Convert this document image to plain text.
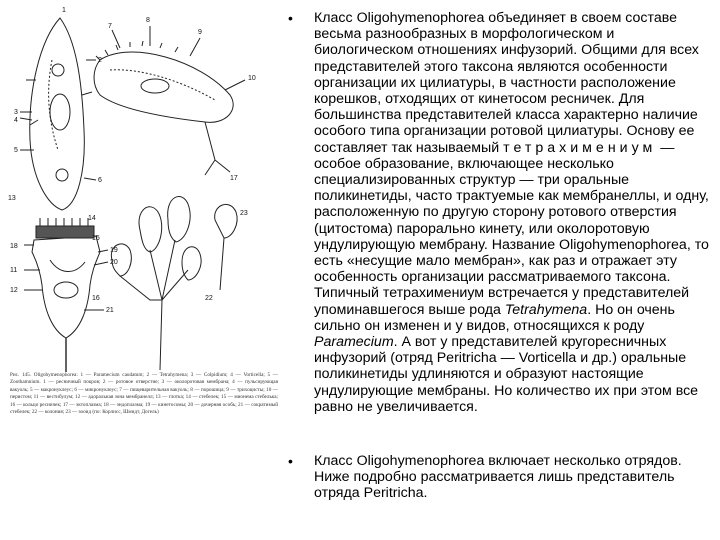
1
3
4
5
2
6
7
8
9
10
17
18
11
12
19
20
21
22
23
13
14
15
16
Рис. 145. Oligohymenophorea: 1 — Paramecium caudatum; 2 — Tetrahymena; 3 — Colpidium; 4 — Vorticella; 5 — Zoothamnium. 1 — ресничный покров; 2 — ротовое отверстие; 3 — околоротовая мембрана; 4 — пульсирующая вакуоль; 5 — макронуклеус; 6 — микронуклеус; 7 — пищеварительная вакуоль; 8 — порошица; 9 — трихоцисты; 10 — перистом; 11 — вестибулум; 12 — адоральная зона мембранелл; 13 — глотка; 14 — стебелек; 15 — мионема стебелька; 16 — кольцо ресничек; 17 — эктоплазма; 18 — эндоплазма; 19 — кинетосомы; 20 — дочерняя особь; 21 — сократимый стебелек; 22 — колония; 23 — зооид (по: Корлисс, Шмидт, Догель)
• Класс Oligohymenophorea объединяет в своем составе весьма разнообразных в морфологическом и биологическом отношениях инфузорий. Общими для всех представителей этого таксона являются особенности организации их цилиатуры, в частности расположение корешков, отходящих от кинетосом ресничек. Для большинства представителей класса характерно наличие особого типа организации ротовой цилиатуры. Основу ее составляет так называемый тетрахимениум — особое образование, включающее несколько специализированных структур — три оральные поликинетиды, часто трактуемые как мембранеллы, и одну, расположенную по другую сторону ротового отверстия (цитостома) парорально кинету, или околоротовую ундулирующую мембрану. Название Oligohymenophorea, то есть «несущие мало мембран», как раз и отражает эту особенность организации рассматриваемого таксона. Типичный тетрахимениум встречается у представителей упоминавшегося выше рода Tetrahymena. Но он очень сильно он изменен и у видов, относящихся к роду Paramecium. А вот у представителей кругоресничных инфузорий (отряд Peritricha — Vorticella и др.) оральные поликинетиды удлиняются и образуют настоящие ундулирующие мембраны. Но количество их при этом все равно не увеличивается.

• Класс Oligohymenophorea включает несколько отрядов. Ниже подробно рассматривается лишь представитель отряда Peritricha.
